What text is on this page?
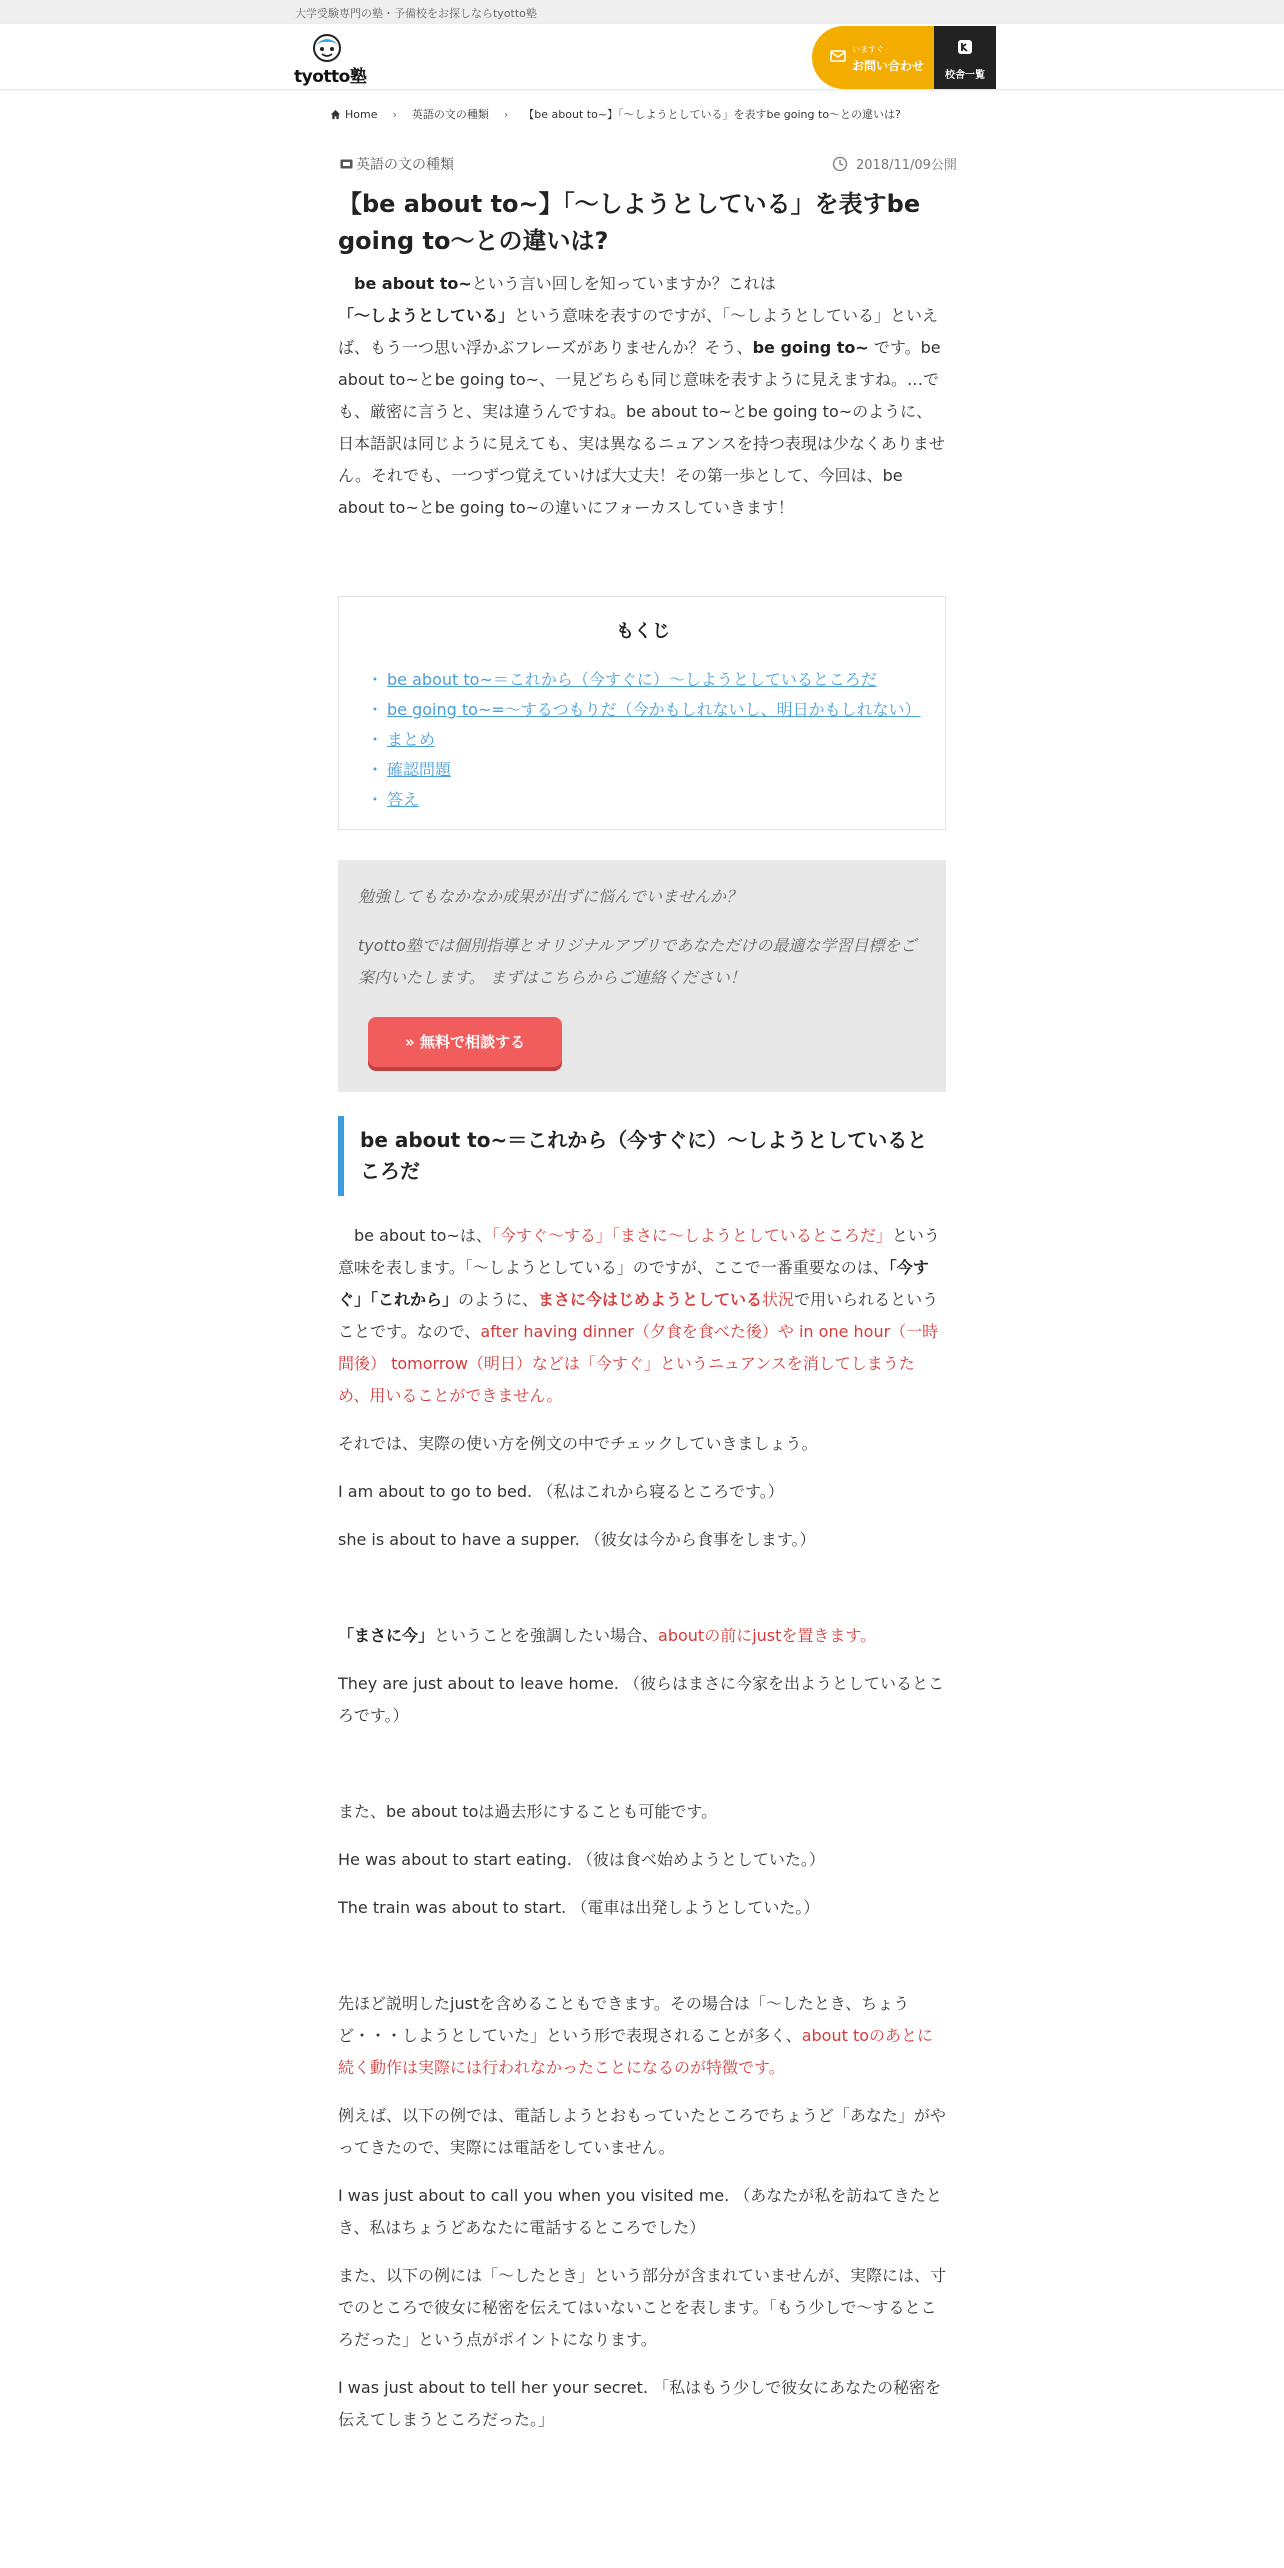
大学受験専門の塾・予備校をお探しならtyotto塾
tyotto塾
いますぐ
お問い合わせ
校舎一覧
Home › 英語の文の種類 › 【be about to~】「～しようとしている」を表すbe going to～との違いは?
英語の文の種類	2018/11/09公開
【be about to~】「～しようとしている」を表すbe going to～との違いは?

　be about to~という言い回しを知っていますか？これは「〜しようとしている」という意味を表すのですが、「〜しようとしている」といえば、もう一つ思い浮かぶフレーズがありませんか？そう、be going to~ です。be about to~とbe going to~、一見どちらも同じ意味を表すように見えますね。…でも、厳密に言うと、実は違うんですね。be about to~とbe going to~のように、日本語訳は同じように見えても、実は異なるニュアンスを持つ表現は少なくありません。それでも、一つずつ覚えていけば大丈夫！その第一歩として、今回は、be about to~とbe going to~の違いにフォーカスしていきます！

もくじ
・ be about to~＝これから（今すぐに）〜しようとしているところだ
・ be going to~=〜するつもりだ（今かもしれないし、明日かもしれない）
・ まとめ
・ 確認問題
・ 答え
勉強してもなかなか成果が出ずに悩んでいませんか？
tyotto塾では個別指導とオリジナルアプリであなただけの最適な学習目標をご案内いたします。 まずはこちらからご連絡ください！
» 無料で相談する
be about to~＝これから（今すぐに）〜しようとしているところだ

　be about to~は、「今すぐ〜する」「まさに〜しようとしているところだ」という意味を表します。「〜しようとしている」のですが、ここで一番重要なのは、「今すぐ」「これから」のように、まさに今はじめようとしている状況で用いられるということです。なので、after having dinner（夕食を食べた後）や in one hour（一時間後） tomorrow（明日）などは「今すぐ」というニュアンスを消してしまうため、用いることができません。

それでは、実際の使い方を例文の中でチェックしていきましょう。

I am about to go to bed. （私はこれから寝るところです。）

she is about to have a supper. （彼女は今から食事をします。）

「まさに今」ということを強調したい場合、aboutの前にjustを置きます。

They are just about to leave home. （彼らはまさに今家を出ようとしているところです。）

また、be about toは過去形にすることも可能です。

He was about to start eating. （彼は食べ始めようとしていた。）

The train was about to start. （電車は出発しようとしていた。）

先ほど説明したjustを含めることもできます。その場合は「〜したとき、ちょうど・・・しようとしていた」という形で表現されることが多く、about toのあとに続く動作は実際には行われなかったことになるのが特徴です。

例えば、以下の例では、電話しようとおもっていたところでちょうど「あなた」がやってきたので、実際には電話をしていません。

I was just about to call you when you visited me. （あなたが私を訪ねてきたとき、私はちょうどあなたに電話するところでした）

また、以下の例には「〜したとき」という部分が含まれていませんが、実際には、寸でのところで彼女に秘密を伝えてはいないことを表します。「もう少しで〜するところだった」という点がポイントになります。

I was just about to tell her your secret. 「私はもう少しで彼女にあなたの秘密を伝えてしまうところだった。」
